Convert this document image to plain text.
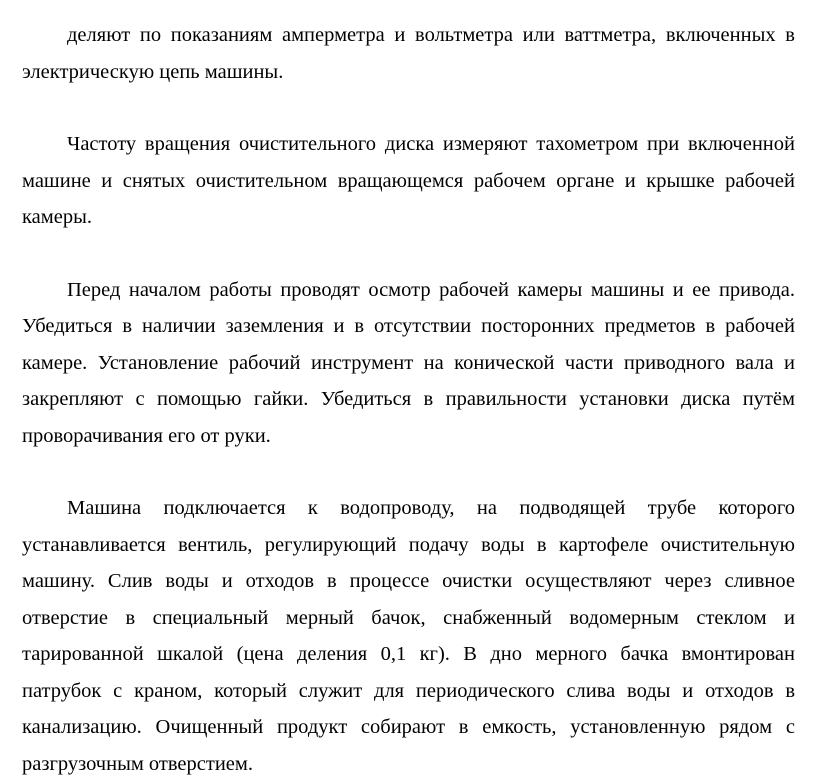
деляют по показаниям амперметра и вольтметра или ваттметра, включенных в электрическую цепь машины.

Частоту вращения очистительного диска измеряют тахометром при включенной машине и снятых очистительном вращающемся рабочем органе и крышке рабочей камеры.

Перед началом работы проводят осмотр рабочей камеры машины и ее привода. Убедиться в наличии заземления и в отсутствии посторонних предметов в рабочей камере. Установление рабочий инструмент на конической части приводного вала и закрепляют с помощью гайки. Убедиться в правильности установки диска путём проворачивания его от руки.

Машина подключается к водопроводу, на подводящей трубе которого устанавливается вентиль, регулирующий подачу воды в картофеле очистительную машину. Слив воды и отходов в процессе очистки осуществляют через сливное отверстие в специальный мерный бачок, снабженный водомерным стеклом и тарированной шкалой (цена деления 0,1 кг). В дно мерного бачка вмонтирован патрубок с краном, который служит для периодического слива воды и отходов в канализацию. Очищенный продукт собирают в емкость, установленную рядом с разгрузочным отверстием.
